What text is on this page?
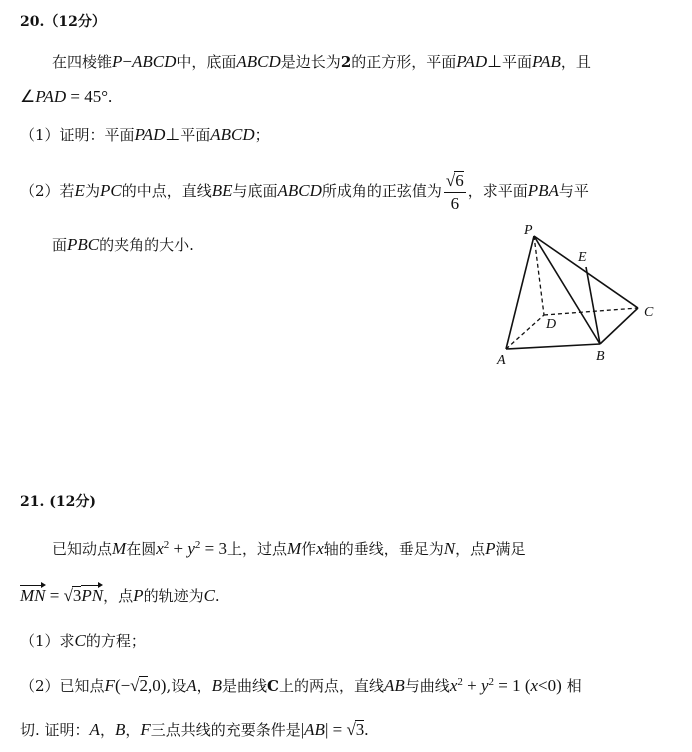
20.（12分）
在四棱锥P−ABCD中，底面ABCD是边长为2的正方形，平面PAD⊥平面PAB，且
∠PAD = 45°.
（1）证明：平面PAD⊥平面ABCD；
（2）若E为PC的中点，直线BE与底面ABCD所成角的正弦值为 $\frac{√6}{6}$ ，求平面PBA与平
面PBC的夹角的大小.
P
E
C
D
A	B
21. (12分)
已知动点M在圆$x^2 + y^2 = 3$上，过点M作x轴的垂线，垂足为N，点P满足
MN = √3PN，点P的轨迹为C.
（1）求C的方程；
（2）已知点F(−√2,0),设A，B是曲线C上的两点，直线AB与曲线$x^2 + y^2 = 1$ (x<0) 相
切. 证明：A，B，F三点共线的充要条件是|AB| = √3.
